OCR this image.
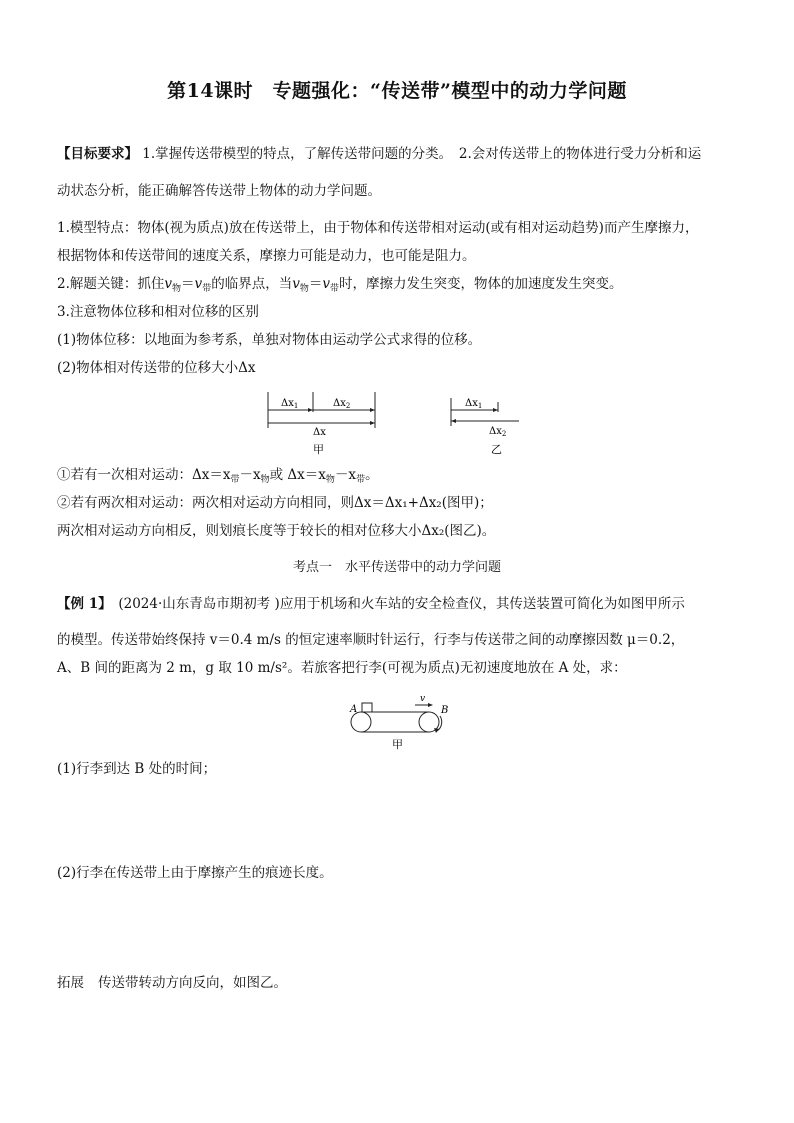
第14课时　专题强化：“传送带”模型中的动力学问题
【目标要求】 1.掌握传送带模型的特点，了解传送带问题的分类。　2.会对传送带上的物体进行受力分析和运
动状态分析，能正确解答传送带上物体的动力学问题。
1.模型特点：物体(视为质点)放在传送带上，由于物体和传送带相对运动(或有相对运动趋势)而产生摩擦力，
根据物体和传送带间的速度关系，摩擦力可能是动力，也可能是阻力。
2.解题关键：抓住$v_物=v_带$的临界点，当$v_物=v_带$时，摩擦力发生突变，物体的加速度发生突变。
3.注意物体位移和相对位移的区别
(1)物体位移：以地面为参考系，单独对物体由运动学公式求得的位移。
(2)物体相对传送带的位移大小Δx
$\Delta x_1$	$\Delta x_2$
Δx
甲
$\Delta x_1$
$\Delta x_2$
乙
①若有一次相对运动：$\Delta x=x_带-x_物$或 $\Delta x=x_物-x_带$。
②若有两次相对运动：两次相对运动方向相同，则Δx＝Δx₁+Δx₂(图甲)；
两次相对运动方向相反，则划痕长度等于较长的相对位移大小Δx₂(图乙)。
考点一　水平传送带中的动力学问题
【例 1】　(2024·山东青岛市期初考 )应用于机场和火车站的安全检查仪，其传送装置可简化为如图甲所示
的模型。传送带始终保持 v＝0.4 m/s 的恒定速率顺时针运行，行李与传送带之间的动摩擦因数 μ＝0.2，
A、B 间的距离为 2 m，g 取 10 m/s²。若旅客把行李(可视为质点)无初速度地放在 A 处，求：
A	B
v
甲
(1)行李到达 B 处的时间；
(2)行李在传送带上由于摩擦产生的痕迹长度。
拓展 传送带转动方向反向，如图乙。
